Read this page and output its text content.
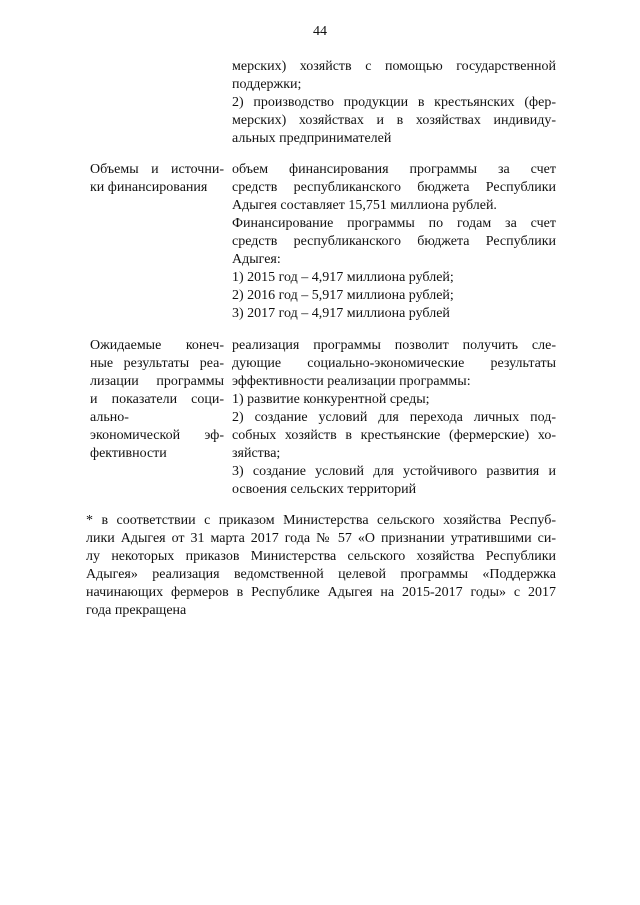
44
мерских) хозяйств с помощью государственной
поддержки;
2) производство продукции в крестьянских (фер-
мерских) хозяйствах и в хозяйствах индивиду-
альных предпринимателей
Объемы и источни-
ки финансирования
объем финансирования программы за счет
средств республиканского бюджета Республики
Адыгея составляет 15,751 миллиона рублей.
Финансирование программы по годам за счет
средств республиканского бюджета Республики
Адыгея:
1) 2015 год – 4,917 миллиона рублей;
2) 2016 год – 5,917 миллиона рублей;
3) 2017 год – 4,917 миллиона рублей
Ожидаемые конеч-
ные результаты реа-
лизации программы
и показатели соци-
ально-
экономической эф-
фективности
реализация программы позволит получить сле-
дующие социально-экономические результаты
эффективности реализации программы:
1) развитие конкурентной среды;
2) создание условий для перехода личных под-
собных хозяйств в крестьянские (фермерские) хо-
зяйства;
3) создание условий для устойчивого развития и
освоения сельских территорий
* в соответствии с приказом Министерства сельского хозяйства Респуб-
лики Адыгея от 31 марта 2017 года № 57 «О признании утратившими си-
лу некоторых приказов Министерства сельского хозяйства Республики
Адыгея» реализация ведомственной целевой программы «Поддержка
начинающих фермеров в Республике Адыгея на 2015-2017 годы» с 2017
года прекращена
